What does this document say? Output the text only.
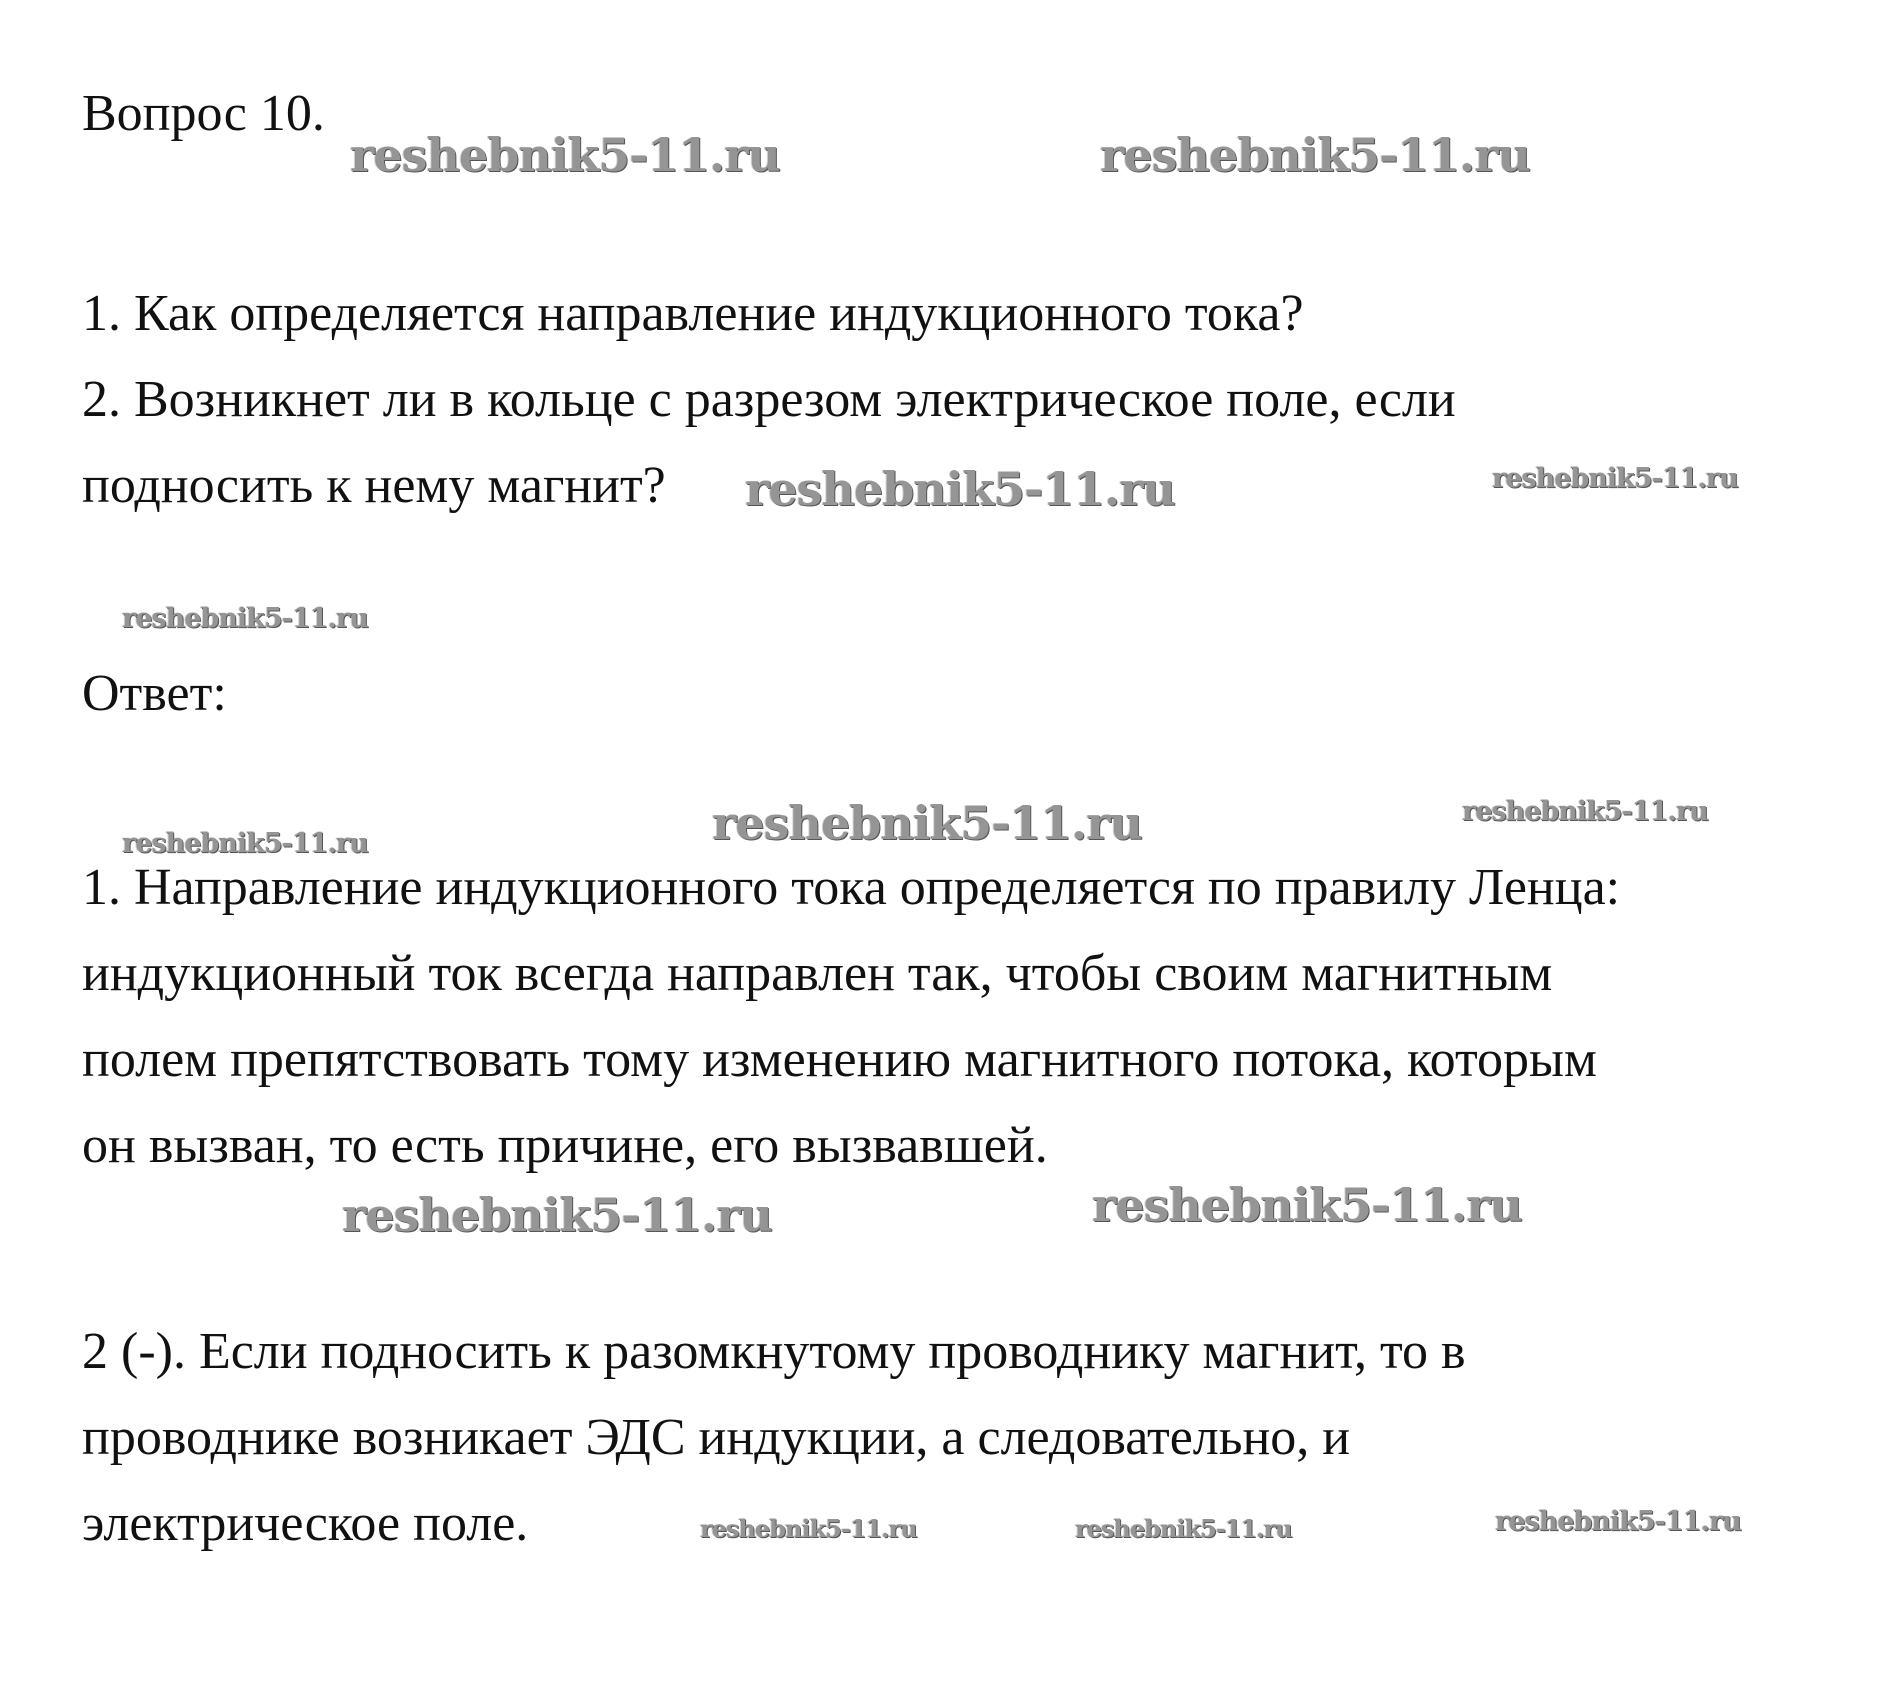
Вопрос 10.
1. Как определяется направление индукционного тока?
2. Возникнет ли в кольце с разрезом электрическое поле, если
подносить к нему магнит?
Ответ:
1. Направление индукционного тока определяется по правилу Ленца:
индукционный ток всегда направлен так, чтобы своим магнитным
полем препятствовать тому изменению магнитного потока, которым
он вызван, то есть причине, его вызвавшей.
2 (-). Если подносить к разомкнутому проводнику магнит, то в
проводнике возникает ЭДС индукции, а следовательно, и
электрическое поле.
reshebnik5-11.ru	reshebnik5-11.ru
reshebnik5-11.ru	reshebnik5-11.ru
reshebnik5-11.ru
reshebnik5-11.ru	reshebnik5-11.ru	reshebnik5-11.ru
reshebnik5-11.ru	reshebnik5-11.ru
reshebnik5-11.ru	reshebnik5-11.ru	reshebnik5-11.ru
